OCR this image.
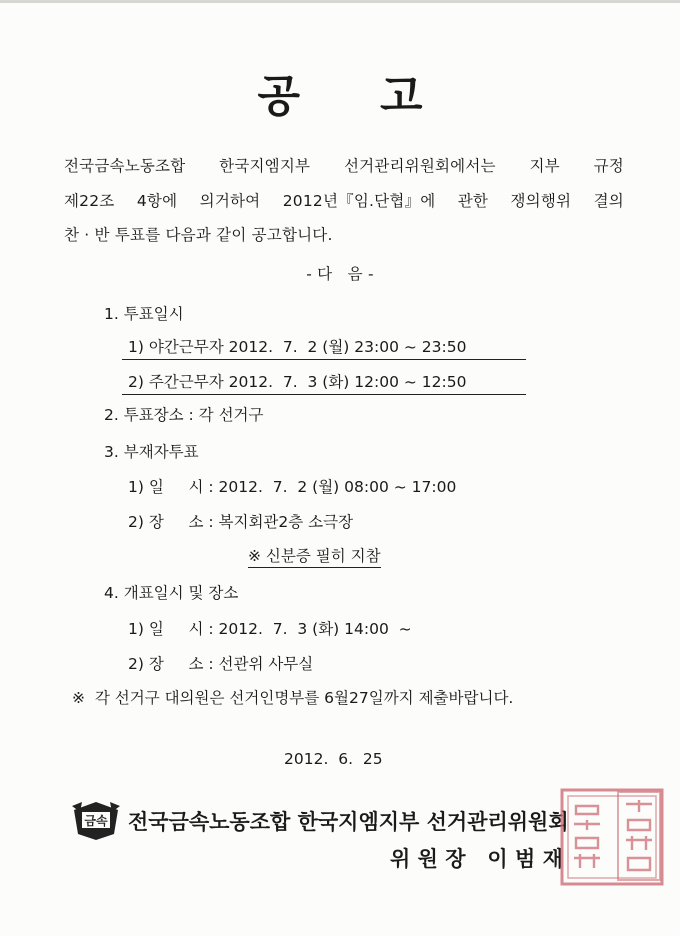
공 고
전국금속노동조합 한국지엠지부 선거관리위원회에서는 지부 규정
제22조 4항에 의거하여 2012년『임.단협』에 관한 쟁의행위 결의
찬 · 반 투표를 다음과 같이 공고합니다.
- 다   음 -
1. 투표일시
1) 야간근무자 2012.  7.  2 (월) 23:00 ~ 23:50
2) 주간근무자 2012.  7.  3 (화) 12:00 ~ 12:50
2. 투표장소 : 각 선거구
3. 부재자투표
1) 일     시 : 2012.  7.  2 (월) 08:00 ~ 17:00
2) 장     소 : 복지회관2층 소극장
※ 신분증 필히 지참
4. 개표일시 및 장소
1) 일     시 : 2012.  7.  3 (화) 14:00  ~
2) 장     소 : 선관위 사무실
※  각 선거구 대의원은 선거인명부를 6월27일까지 제출바랍니다.
2012.  6.  25
금속 전국금속노동조합 한국지엠지부 선거관리위원회
위 원 장   이 범 재
